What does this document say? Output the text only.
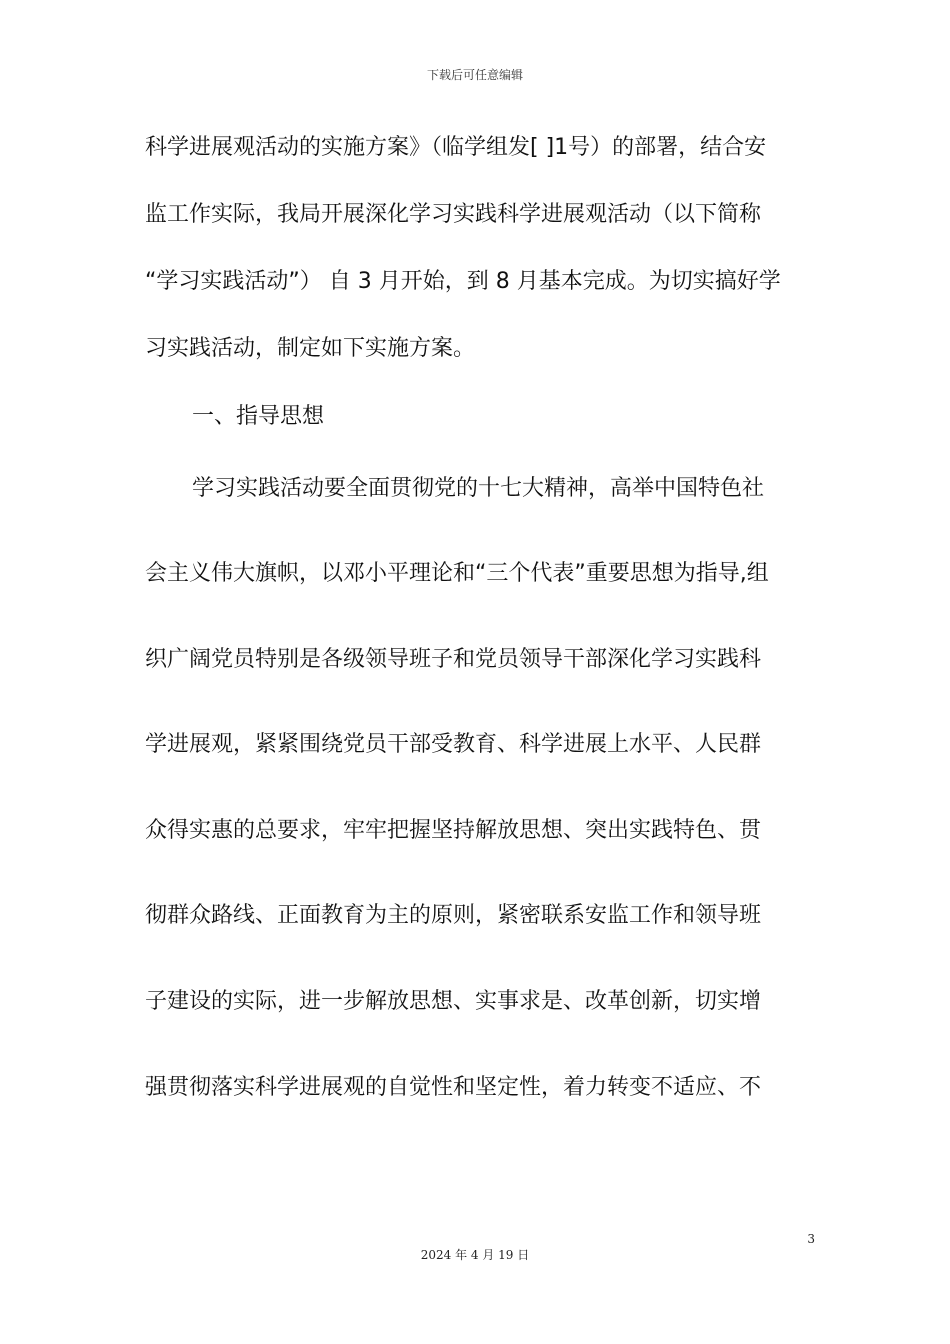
下载后可任意编辑
科学进展观活动的实施方案》（临学组发[ ]1号）的部署，结合安
监工作实际，我局开展深化学习实践科学进展观活动（以下简称
“学习实践活动”） 自 3 月开始，到 8 月基本完成。为切实搞好学
习实践活动，制定如下实施方案。
一、指导思想
学习实践活动要全面贯彻党的十七大精神，高举中国特色社
会主义伟大旗帜，以邓小平理论和“三个代表”重要思想为指导,组
织广阔党员特别是各级领导班子和党员领导干部深化学习实践科
学进展观，紧紧围绕党员干部受教育、科学进展上水平、人民群
众得实惠的总要求，牢牢把握坚持解放思想、突出实践特色、贯
彻群众路线、正面教育为主的原则，紧密联系安监工作和领导班
子建设的实际，进一步解放思想、实事求是、改革创新，切实增
强贯彻落实科学进展观的自觉性和坚定性，着力转变不适应、不
3
2024 年 4 月 19 日
